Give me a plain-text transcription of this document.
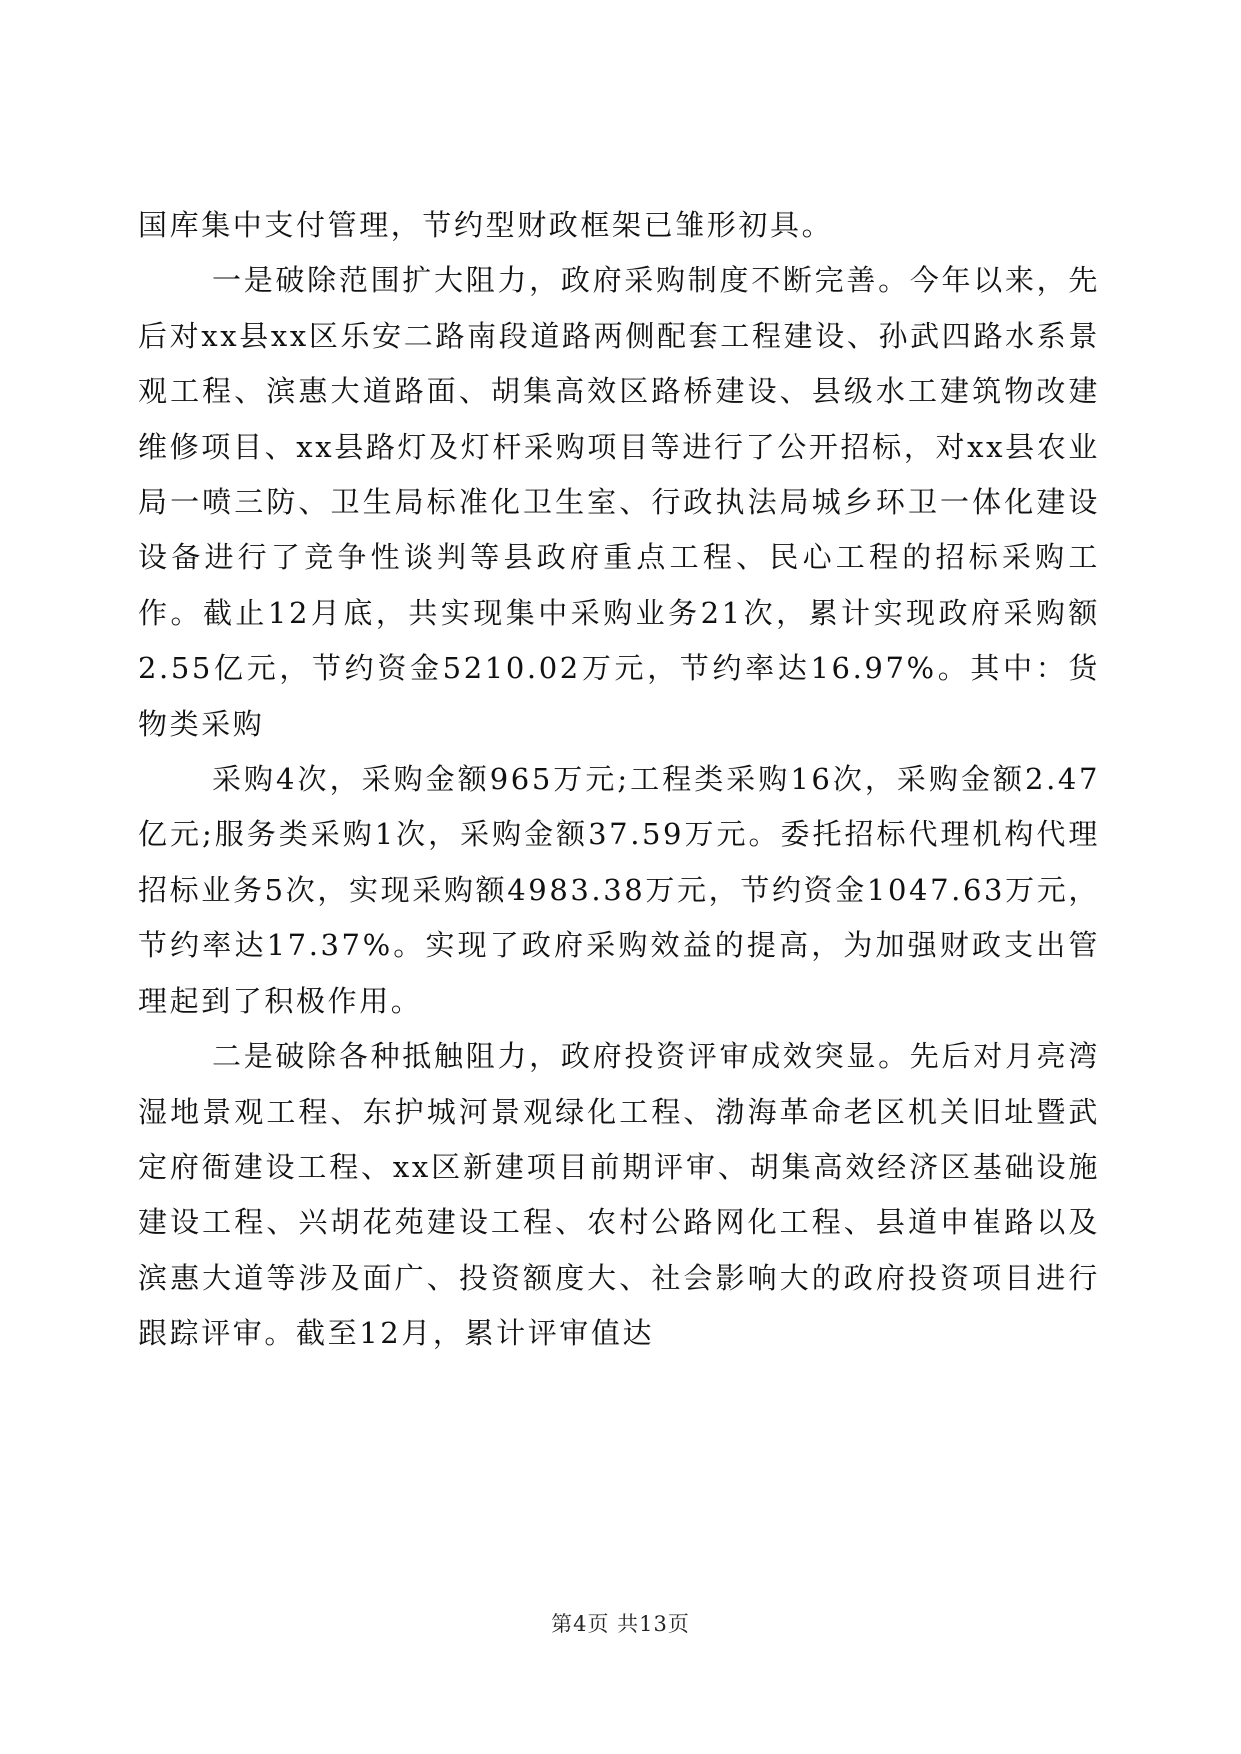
国库集中支付管理，节约型财政框架已雏形初具。

一是破除范围扩大阻力，政府采购制度不断完善。今年以来，先后对xx县xx区乐安二路南段道路两侧配套工程建设、孙武四路水系景观工程、滨惠大道路面、胡集高效区路桥建设、县级水工建筑物改建维修项目、xx县路灯及灯杆采购项目等进行了公开招标，对xx县农业局一喷三防、卫生局标准化卫生室、行政执法局城乡环卫一体化建设设备进行了竞争性谈判等县政府重点工程、民心工程的招标采购工作。截止12月底，共实现集中采购业务21次，累计实现政府采购额2.55亿元，节约资金5210.02万元，节约率达16.97%。其中：货物类采购

采购4次，采购金额965万元;工程类采购16次，采购金额2.47亿元;服务类采购1次，采购金额37.59万元。委托招标代理机构代理招标业务5次，实现采购额4983.38万元，节约资金1047.63万元，节约率达17.37%。实现了政府采购效益的提高，为加强财政支出管理起到了积极作用。

二是破除各种抵触阻力，政府投资评审成效突显。先后对月亮湾湿地景观工程、东护城河景观绿化工程、渤海革命老区机关旧址暨武定府衙建设工程、xx区新建项目前期评审、胡集高效经济区基础设施建设工程、兴胡花苑建设工程、农村公路网化工程、县道申崔路以及滨惠大道等涉及面广、投资额度大、社会影响大的政府投资项目进行跟踪评审。截至12月，累计评审值达

第4页 共13页
